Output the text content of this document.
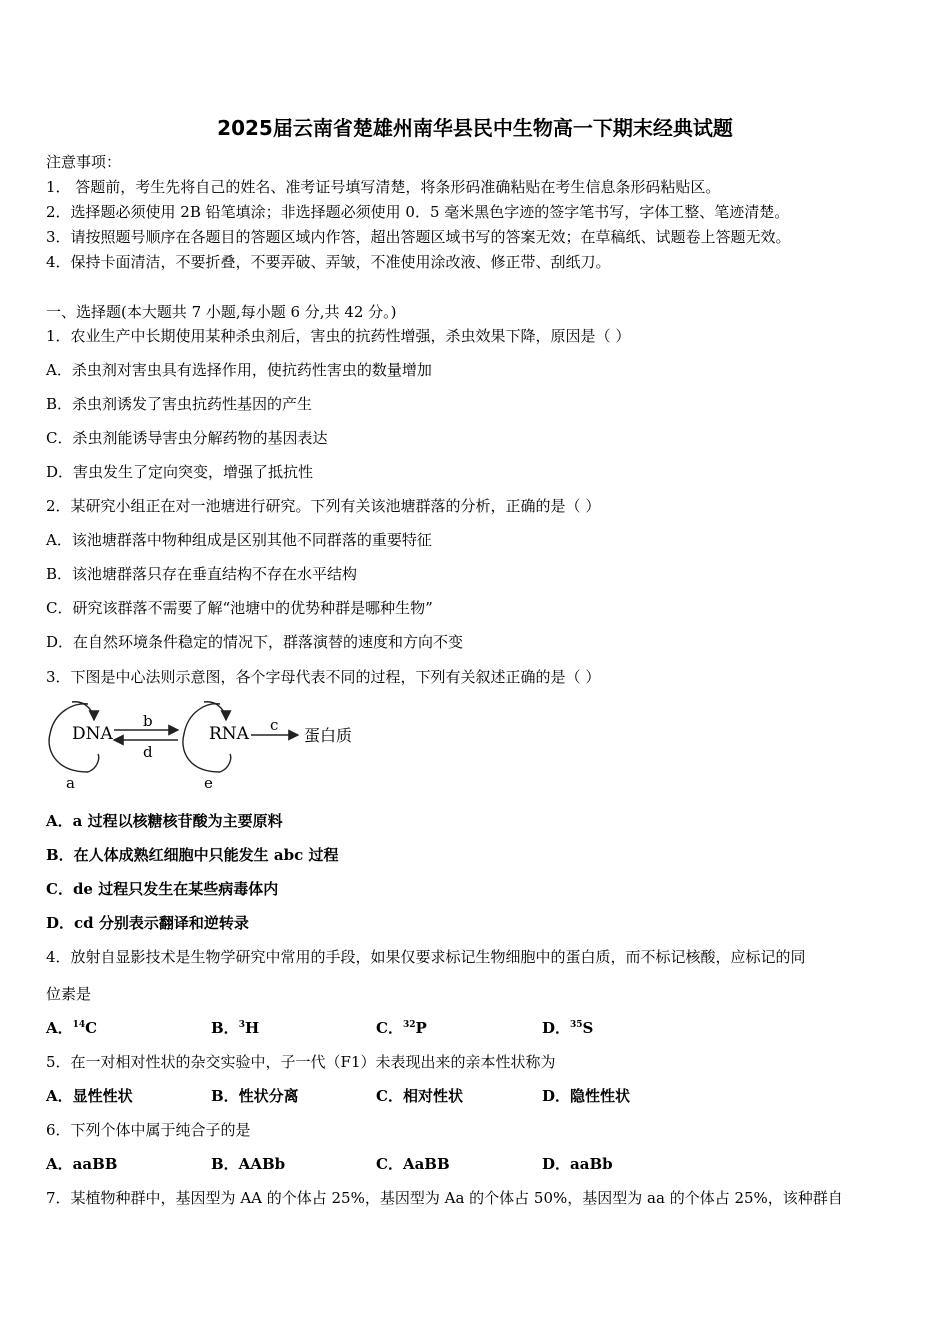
2025届云南省楚雄州南华县民中生物高一下期末经典试题
注意事项：
1． 答题前，考生先将自己的姓名、准考证号填写清楚，将条形码准确粘贴在考生信息条形码粘贴区。
2．选择题必须使用 2B 铅笔填涂；非选择题必须使用 0．5 毫米黑色字迹的签字笔书写，字体工整、笔迹清楚。
3．请按照题号顺序在各题目的答题区域内作答，超出答题区域书写的答案无效；在草稿纸、试题卷上答题无效。
4．保持卡面清洁，不要折叠，不要弄破、弄皱，不准使用涂改液、修正带、刮纸刀。
一、选择题(本大题共 7 小题,每小题 6 分,共 42 分。)
1．农业生产中长期使用某种杀虫剂后，害虫的抗药性增强，杀虫效果下降，原因是（ ）
A．杀虫剂对害虫具有选择作用，使抗药性害虫的数量增加
B．杀虫剂诱发了害虫抗药性基因的产生
C．杀虫剂能诱导害虫分解药物的基因表达
D．害虫发生了定向突变，增强了抵抗性
2．某研究小组正在对一池塘进行研究。下列有关该池塘群落的分析，正确的是（ ）
A．该池塘群落中物种组成是区别其他不同群落的重要特征
B．该池塘群落只存在垂直结构不存在水平结构
C．研究该群落不需要了解“池塘中的优势种群是哪种生物”
D．在自然环境条件稳定的情况下，群落演替的速度和方向不变
3．下图是中心法则示意图，各个字母代表不同的过程，下列有关叙述正确的是（ ）
DNA
a
b
d
RNA
e
c
蛋白质
A．a 过程以核糖核苷酸为主要原料
B．在人体成熟红细胞中只能发生 abc 过程
C．de 过程只发生在某些病毒体内
D．cd 分别表示翻译和逆转录
4．放射自显影技术是生物学研究中常用的手段，如果仅要求标记生物细胞中的蛋白质，而不标记核酸，应标记的同
位素是
A．$^{14}$C	B．$^3$H	C．$^{32}$P	D．$^{35}$S
5．在一对相对性状的杂交实验中，子一代（F1）未表现出来的亲本性状称为
A．显性性状	B．性状分离	C．相对性状	D．隐性性状
6．下列个体中属于纯合子的是
A．aaBB	B．AABb	C．AaBB	D．aaBb
7．某植物种群中，基因型为 AA 的个体占 25%，基因型为 Aa 的个体占 50%，基因型为 aa 的个体占 25%，该种群自
